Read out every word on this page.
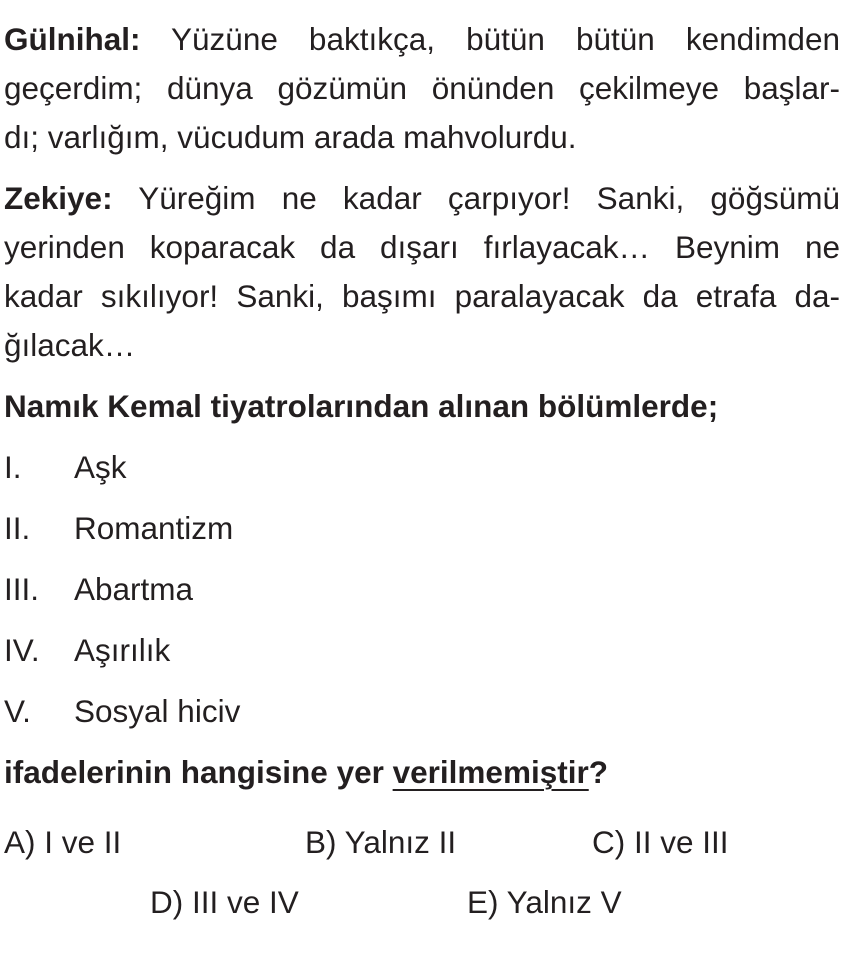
Gülnihal: Yüzüne baktıkça, bütün bütün kendimden
geçerdim; dünya gözümün önünden çekilmeye başlar-
dı; varlığım, vücudum arada mahvolurdu.
Zekiye: Yüreğim ne kadar çarpıyor! Sanki, göğsümü
yerinden koparacak da dışarı fırlayacak… Beynim ne
kadar sıkılıyor! Sanki, başımı paralayacak da etrafa da-
ğılacak…
Namık Kemal tiyatrolarından alınan bölümlerde;
I. Aşk
II. Romantizm
III. Abartma
IV. Aşırılık
V. Sosyal hiciv
ifadelerinin hangisine yer verilmemiştir?
A) I ve II	B) Yalnız II	C) II ve III
D) III ve IV	E) Yalnız V
